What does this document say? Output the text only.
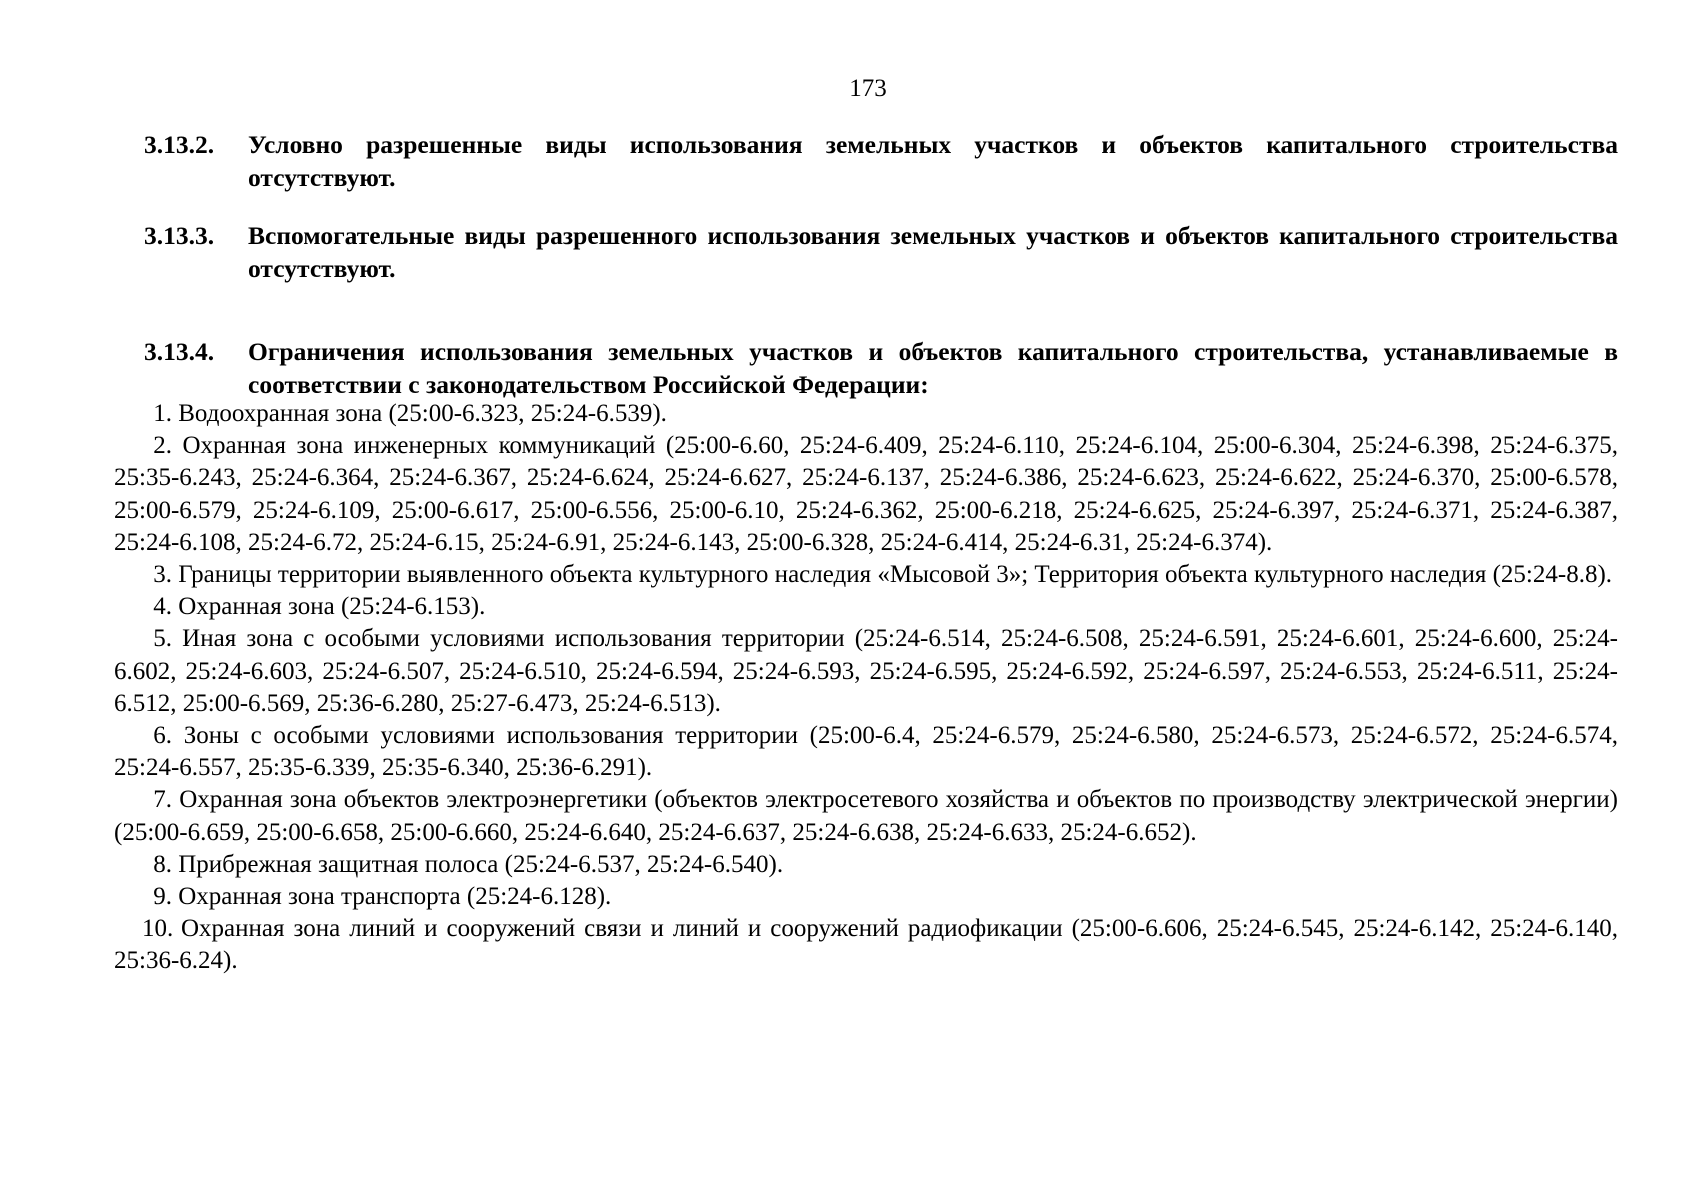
173
3.13.2. Условно разрешенные виды использования земельных участков и объектов капитального строительства отсутствуют.
3.13.3. Вспомогательные виды разрешенного использования земельных участков и объектов капитального строительства отсутствуют.
3.13.4. Ограничения использования земельных участков и объектов капитального строительства, устанавливаемые в соответствии с законодательством Российской Федерации:

1. Водоохранная зона (25:00-6.323, 25:24-6.539).

2. Охранная зона инженерных коммуникаций (25:00-6.60, 25:24-6.409, 25:24-6.110, 25:24-6.104, 25:00-6.304, 25:24-6.398, 25:24-6.375, 25:35-6.243, 25:24-6.364, 25:24-6.367, 25:24-6.624, 25:24-6.627, 25:24-6.137, 25:24-6.386, 25:24-6.623, 25:24-6.622, 25:24-6.370, 25:00-6.578, 25:00-6.579, 25:24-6.109, 25:00-6.617, 25:00-6.556, 25:00-6.10, 25:24-6.362, 25:00-6.218, 25:24-6.625, 25:24-6.397, 25:24-6.371, 25:24-6.387, 25:24-6.108, 25:24-6.72, 25:24-6.15, 25:24-6.91, 25:24-6.143, 25:00-6.328, 25:24-6.414, 25:24-6.31, 25:24-6.374).

3. Границы территории выявленного объекта культурного наследия «Мысовой 3»; Территория объекта культурного наследия (25:24-8.8).

4. Охранная зона (25:24-6.153).

5. Иная зона с особыми условиями использования территории (25:24-6.514, 25:24-6.508, 25:24-6.591, 25:24-6.601, 25:24-6.600, 25:24-6.602, 25:24-6.603, 25:24-6.507, 25:24-6.510, 25:24-6.594, 25:24-6.593, 25:24-6.595, 25:24-6.592, 25:24-6.597, 25:24-6.553, 25:24-6.511, 25:24-6.512, 25:00-6.569, 25:36-6.280, 25:27-6.473, 25:24-6.513).

6. Зоны с особыми условиями использования территории (25:00-6.4, 25:24-6.579, 25:24-6.580, 25:24-6.573, 25:24-6.572, 25:24-6.574, 25:24-6.557, 25:35-6.339, 25:35-6.340, 25:36-6.291).

7. Охранная зона объектов электроэнергетики (объектов электросетевого хозяйства и объектов по производству электрической энергии) (25:00-6.659, 25:00-6.658, 25:00-6.660, 25:24-6.640, 25:24-6.637, 25:24-6.638, 25:24-6.633, 25:24-6.652).

8. Прибрежная защитная полоса (25:24-6.537, 25:24-6.540).

9. Охранная зона транспорта (25:24-6.128).

10. Охранная зона линий и сооружений связи и линий и сооружений радиофикации (25:00-6.606, 25:24-6.545, 25:24-6.142, 25:24-6.140, 25:36-6.24).
